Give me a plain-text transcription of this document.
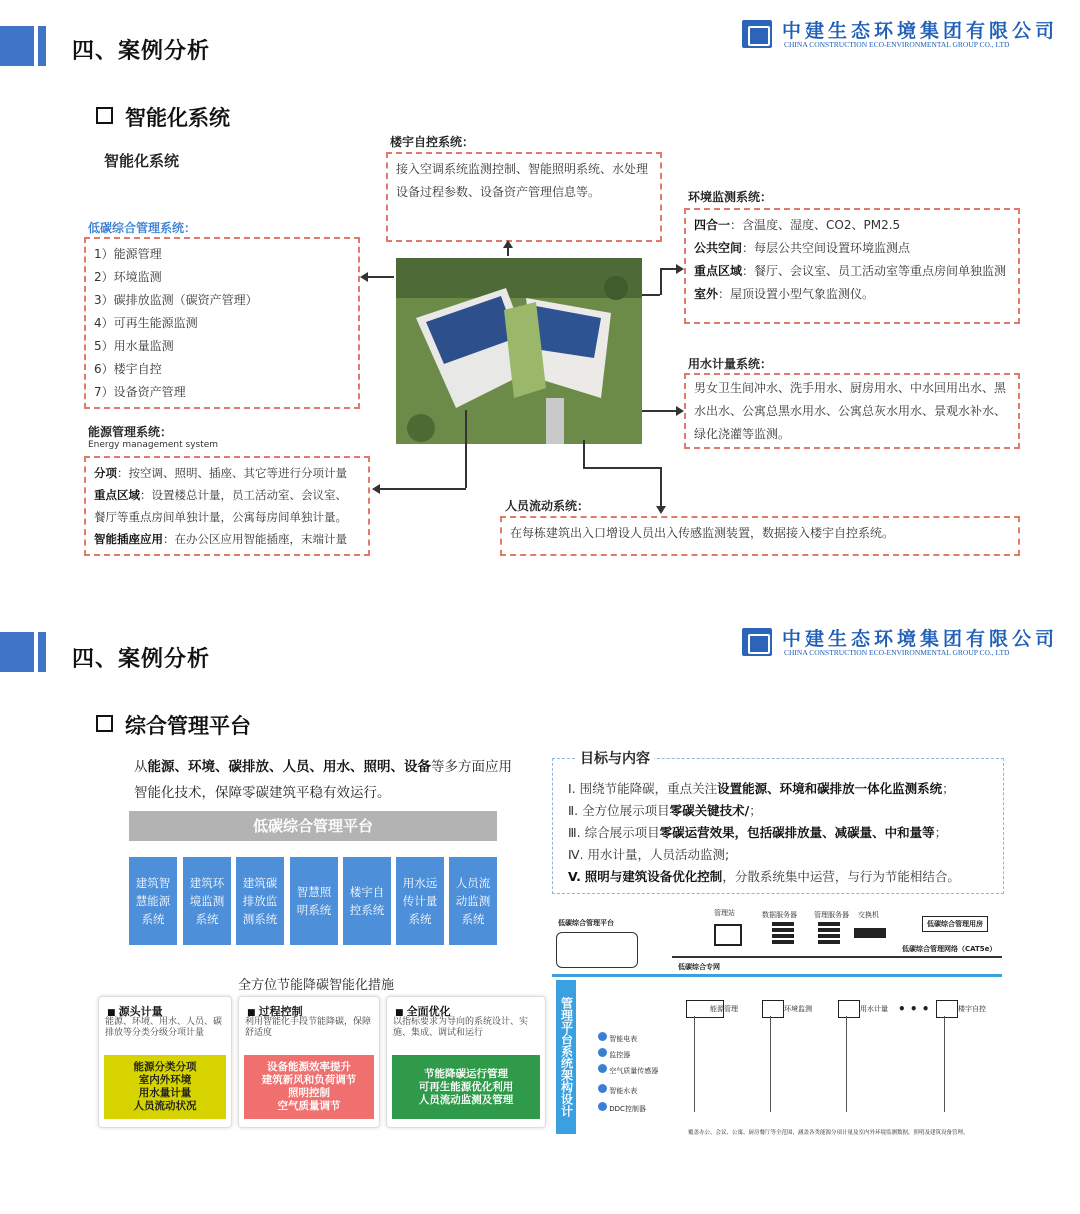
四、案例分析
中建生态环境集团有限公司
CHINA CONSTRUCTION ECO-ENVIRONMENTAL GROUP CO., LTD
智能化系统
智能化系统
低碳综合管理系统：
1）能源管理
2）环境监测
3）碳排放监测（碳资产管理）
4）可再生能源监测
5）用水量监测
6）楼宇自控
7）设备资产管理
能源管理系统：
Energy management system
分项：按空调、照明、插座、其它等进行分项计量
重点区域：设置楼总计量，员工活动室、会议室、
餐厅等重点房间单独计量，公寓每房间单独计量。
智能插座应用：在办公区应用智能插座，末端计量
楼宇自控系统：
接入空调系统监测控制、智能照明系统、水处理
设备过程参数、设备资产管理信息等。	环境监测系统：
四合一：含温度、湿度、CO2、PM2.5
公共空间：每层公共空间设置环境监测点
重点区域：餐厅、会议室、员工活动室等重点房间单独监测
室外：屋顶设置小型气象监测仪。
用水计量系统：
男女卫生间冲水、洗手用水、厨房用水、中水回用出水、黑
水出水、公寓总黑水用水、公寓总灰水用水、景观水补水、
绿化浇灌等监测。
人员流动系统：
在每栋建筑出入口增设人员出入传感监测装置，数据接入楼宇自控系统。
四、案例分析
中建生态环境集团有限公司
CHINA CONSTRUCTION ECO-ENVIRONMENTAL GROUP CO., LTD
综合管理平台
从能源、环境、碳排放、人员、用水、照明、设备等多方面应用
智能化技术，保障零碳建筑平稳有效运行。
低碳综合管理平台
建筑智慧能源系统
建筑环境监测系统
建筑碳排放监测系统
智慧照明系统
楼宇自控系统
用水远传计量系统
人员流动监测系统
全方位节能降碳智能化措施
■ 源头计量
能源、环境、用水、人员、碳排放等分类分级分项计量
能源分类分项
室内外环境
用水量计量
人员流动状况
■ 过程控制
利用智能化手段节能降碳，保障舒适度
设备能源效率提升
建筑新风和负荷调节
照明控制
空气质量调节
■ 全面优化
以指标要求为导向的系统设计、实施、集成、调试和运行
节能降碳运行管理
可再生能源优化利用
人员流动监测及管理
目标与内容
Ⅰ. 围绕节能降碳，重点关注设置能源、环境和碳排放一体化监测系统；
Ⅱ. 全方位展示项目零碳关键技术/；
Ⅲ. 综合展示项目零碳运营效果，包括碳排放量、减碳量、中和量等；
Ⅳ. 用水计量，人员活动监测;
V. 照明与建筑设备优化控制，分散系统集中运营，与行为节能相结合。
低碳综合管理平台
管理站	数据服务器 管理服务器 交换机
低碳综合管理用房
低碳综合管理网络（CAT5e）
低碳综合专网
管理平台系统架构设计	智能电表
监控器
空气质量传感器
智能水表
DDC控制器
能源管理	环境监测	用水计量 • • •	楼宇自控
覆盖办公、会议、公寓、厨房餐厅等全范围，涵盖各类能源分项计量及室内外环境监测数据，照明及建筑设备管理。
